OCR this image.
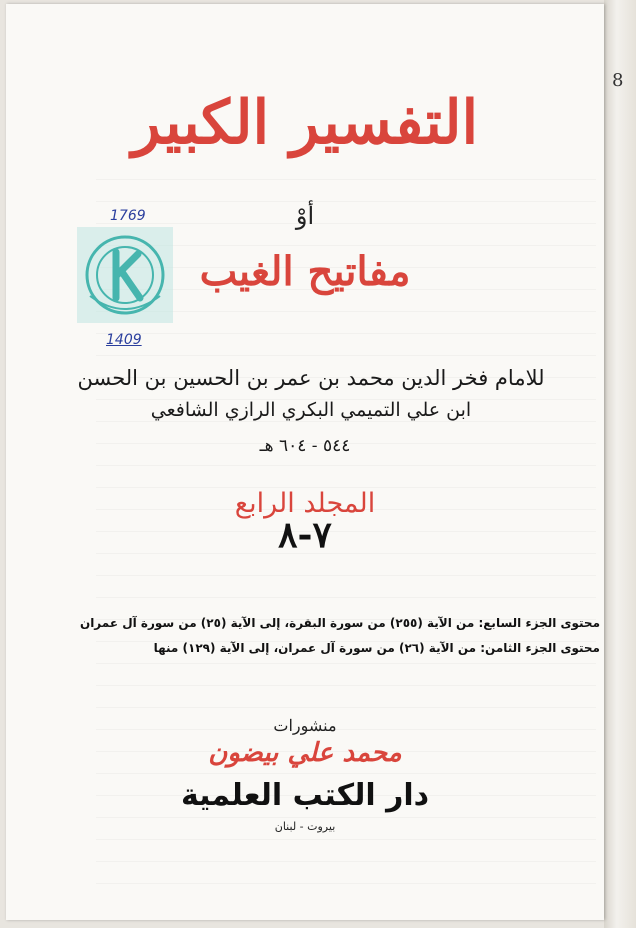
8
التفسير الكبير
أوْ
مفاتيح الغيب
1769
1409
للامام فخر الدين محمد بن عمر بن الحسين بن الحسن
ابن علي التميمي البكري الرازي الشافعي
٥٤٤ - ٦٠٤ هـ
المجلد الرابع
٧-٨
محتوى الجزء السابع: من الآية (٢٥٥) من سورة البقرة، إلى الآية (٢٥) من سورة آل عمران
محتوى الجزء الثامن: من الآية (٢٦) من سورة آل عمران، إلى الآية (١٢٩) منها
منشورات
محمد علي بيضون
دار الكتب العلمية
بيروت - لبنان
